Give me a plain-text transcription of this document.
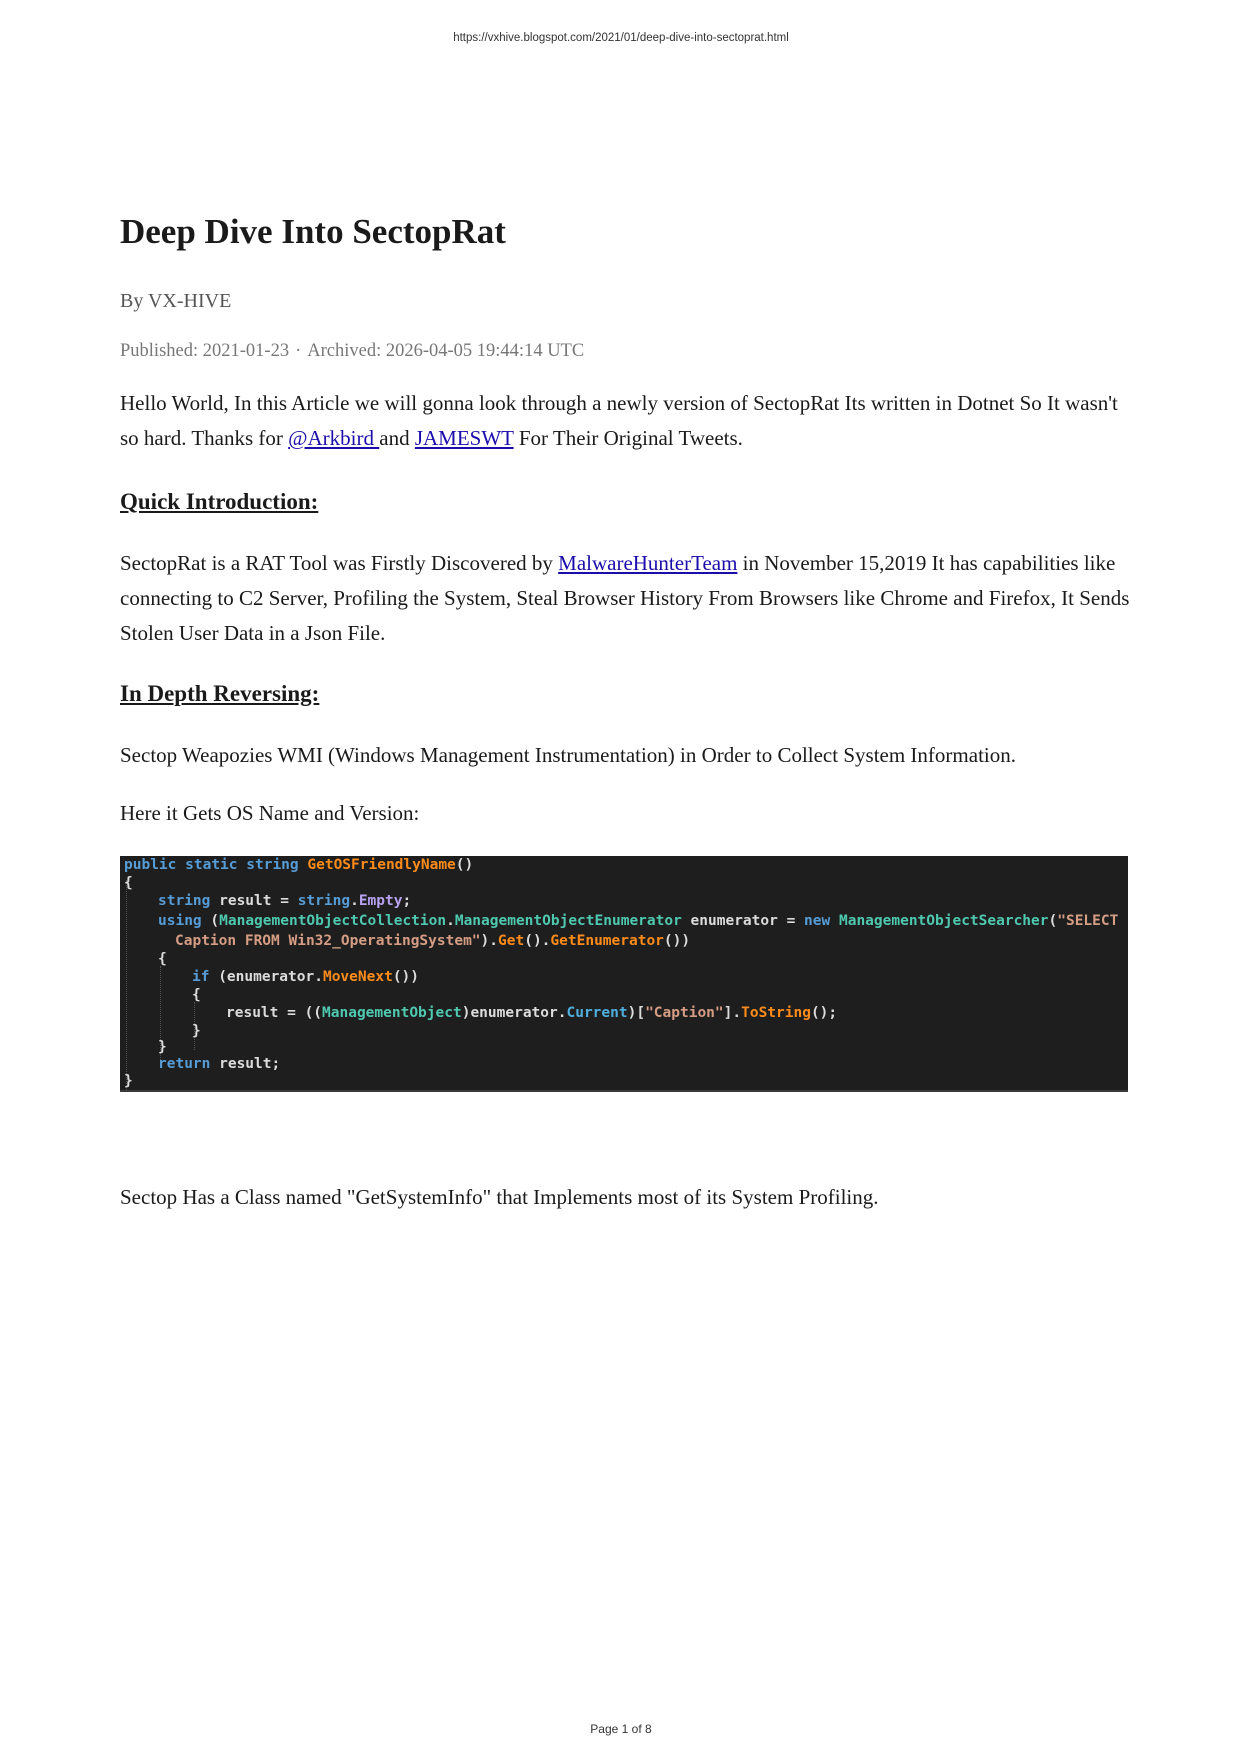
https://vxhive.blogspot.com/2021/01/deep-dive-into-sectoprat.html
Deep Dive Into SectopRat
By VX-HIVE
Published: 2021-01-23 · Archived: 2026-04-05 19:44:14 UTC

Hello World, In this Article we will gonna look through a newly version of SectopRat Its written in Dotnet So It wasn't so hard. Thanks for @Arkbird and JAMESWT For Their Original Tweets.

Quick Introduction:

SectopRat is a RAT Tool was Firstly Discovered by MalwareHunterTeam in November 15,2019 It has capabilities like connecting to C2 Server, Profiling the System, Steal Browser History From Browsers like Chrome and Firefox, It Sends Stolen User Data in a Json File.

In Depth Reversing:

Sectop Weapozies WMI (Windows Management Instrumentation) in Order to Collect System Information.

Here it Gets OS Name and Version:

public static string GetOSFriendlyName()
{
string result = string.Empty;
using (ManagementObjectCollection.ManagementObjectEnumerator enumerator = new ManagementObjectSearcher("SELECT
Caption FROM Win32_OperatingSystem").Get().GetEnumerator())
{
if (enumerator.MoveNext())
{
result = ((ManagementObject)enumerator.Current)["Caption"].ToString();
}
}
return result;
}

Sectop Has a Class named "GetSystemInfo" that Implements most of its System Profiling.

Page 1 of 8
